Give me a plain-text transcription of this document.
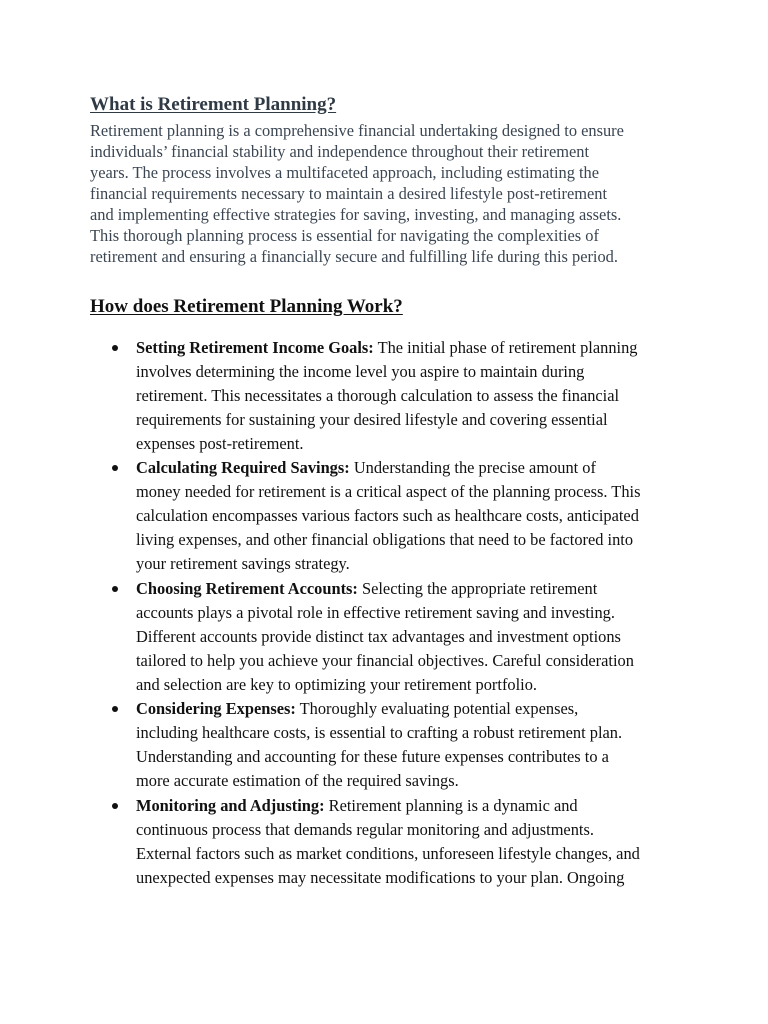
What is Retirement Planning?

Retirement planning is a comprehensive financial undertaking designed to ensure
individuals’ financial stability and independence throughout their retirement
years. The process involves a multifaceted approach, including estimating the
financial requirements necessary to maintain a desired lifestyle post-retirement
and implementing effective strategies for saving, investing, and managing assets.
This thorough planning process is essential for navigating the complexities of
retirement and ensuring a financially secure and fulfilling life during this period.

How does Retirement Planning Work?
Setting Retirement Income Goals: The initial phase of retirement planning
involves determining the income level you aspire to maintain during
retirement. This necessitates a thorough calculation to assess the financial
requirements for sustaining your desired lifestyle and covering essential
expenses post-retirement.
Calculating Required Savings: Understanding the precise amount of
money needed for retirement is a critical aspect of the planning process. This
calculation encompasses various factors such as healthcare costs, anticipated
living expenses, and other financial obligations that need to be factored into
your retirement savings strategy.
Choosing Retirement Accounts: Selecting the appropriate retirement
accounts plays a pivotal role in effective retirement saving and investing.
Different accounts provide distinct tax advantages and investment options
tailored to help you achieve your financial objectives. Careful consideration
and selection are key to optimizing your retirement portfolio.
Considering Expenses: Thoroughly evaluating potential expenses,
including healthcare costs, is essential to crafting a robust retirement plan.
Understanding and accounting for these future expenses contributes to a
more accurate estimation of the required savings.
Monitoring and Adjusting: Retirement planning is a dynamic and
continuous process that demands regular monitoring and adjustments.
External factors such as market conditions, unforeseen lifestyle changes, and
unexpected expenses may necessitate modifications to your plan. Ongoing
